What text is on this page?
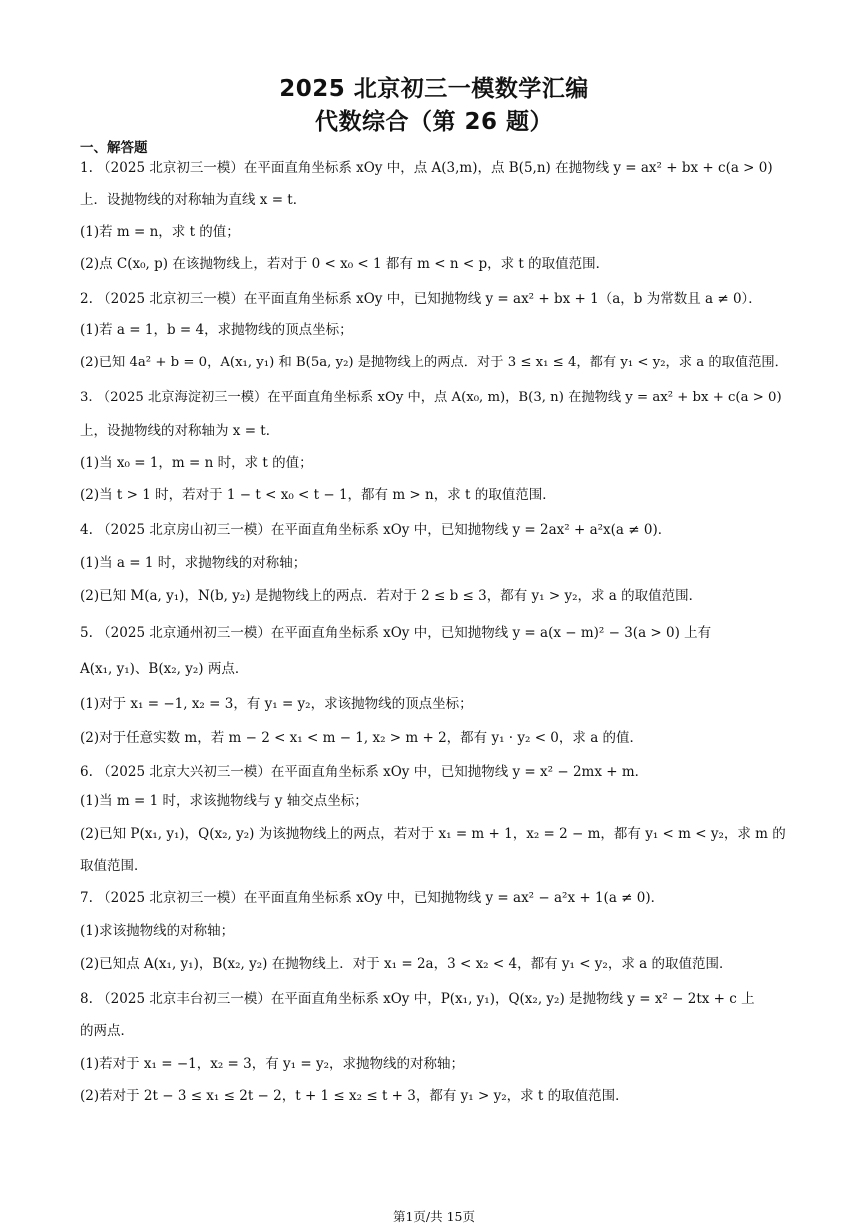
2025 北京初三一模数学汇编
代数综合（第 26 题）
一、解答题
1. （2025 北京初三一模）在平面直角坐标系 xOy 中，点 A(3,m)，点 B(5,n) 在抛物线 y = ax² + bx + c(a > 0)
上．设抛物线的对称轴为直线 x = t．
(1)若 m = n，求 t 的值；
(2)点 C(x₀, p) 在该抛物线上，若对于 0 < x₀ < 1 都有 m < n < p，求 t 的取值范围．
2. （2025 北京初三一模）在平面直角坐标系 xOy 中，已知抛物线 y = ax² + bx + 1（a，b 为常数且 a ≠ 0）．
(1)若 a = 1，b = 4，求抛物线的顶点坐标；
(2)已知 4a² + b = 0，A(x₁, y₁) 和 B(5a, y₂) 是抛物线上的两点．对于 3 ≤ x₁ ≤ 4，都有 y₁ < y₂，求 a 的取值范围．
3. （2025 北京海淀初三一模）在平面直角坐标系 xOy 中，点 A(x₀, m)，B(3, n) 在抛物线 y = ax² + bx + c(a > 0)
上，设抛物线的对称轴为 x = t．
(1)当 x₀ = 1，m = n 时，求 t 的值；
(2)当 t > 1 时，若对于 1 − t < x₀ < t − 1，都有 m > n，求 t 的取值范围．
4. （2025 北京房山初三一模）在平面直角坐标系 xOy 中，已知抛物线 y = 2ax² + a²x(a ≠ 0)．
(1)当 a = 1 时，求抛物线的对称轴；
(2)已知 M(a, y₁)，N(b, y₂) 是抛物线上的两点．若对于 2 ≤ b ≤ 3，都有 y₁ > y₂，求 a 的取值范围．
5. （2025 北京通州初三一模）在平面直角坐标系 xOy 中，已知抛物线 y = a(x − m)² − 3(a > 0) 上有
A(x₁, y₁)、B(x₂, y₂) 两点．
(1)对于 x₁ = −1, x₂ = 3，有 y₁ = y₂，求该抛物线的顶点坐标；
(2)对于任意实数 m，若 m − 2 < x₁ < m − 1, x₂ > m + 2，都有 y₁ · y₂ < 0，求 a 的值．
6. （2025 北京大兴初三一模）在平面直角坐标系 xOy 中，已知抛物线 y = x² − 2mx + m．
(1)当 m = 1 时，求该抛物线与 y 轴交点坐标；
(2)已知 P(x₁, y₁)，Q(x₂, y₂) 为该抛物线上的两点，若对于 x₁ = m + 1，x₂ = 2 − m，都有 y₁ < m < y₂，求 m 的
取值范围．
7. （2025 北京初三一模）在平面直角坐标系 xOy 中，已知抛物线 y = ax² − a²x + 1(a ≠ 0)．
(1)求该抛物线的对称轴；
(2)已知点 A(x₁, y₁)，B(x₂, y₂) 在抛物线上．对于 x₁ = 2a，3 < x₂ < 4，都有 y₁ < y₂，求 a 的取值范围．
8. （2025 北京丰台初三一模）在平面直角坐标系 xOy 中，P(x₁, y₁)，Q(x₂, y₂) 是抛物线 y = x² − 2tx + c 上
的两点．
(1)若对于 x₁ = −1，x₂ = 3，有 y₁ = y₂，求抛物线的对称轴；
(2)若对于 2t − 3 ≤ x₁ ≤ 2t − 2，t + 1 ≤ x₂ ≤ t + 3，都有 y₁ > y₂，求 t 的取值范围．
第1页/共 15页
